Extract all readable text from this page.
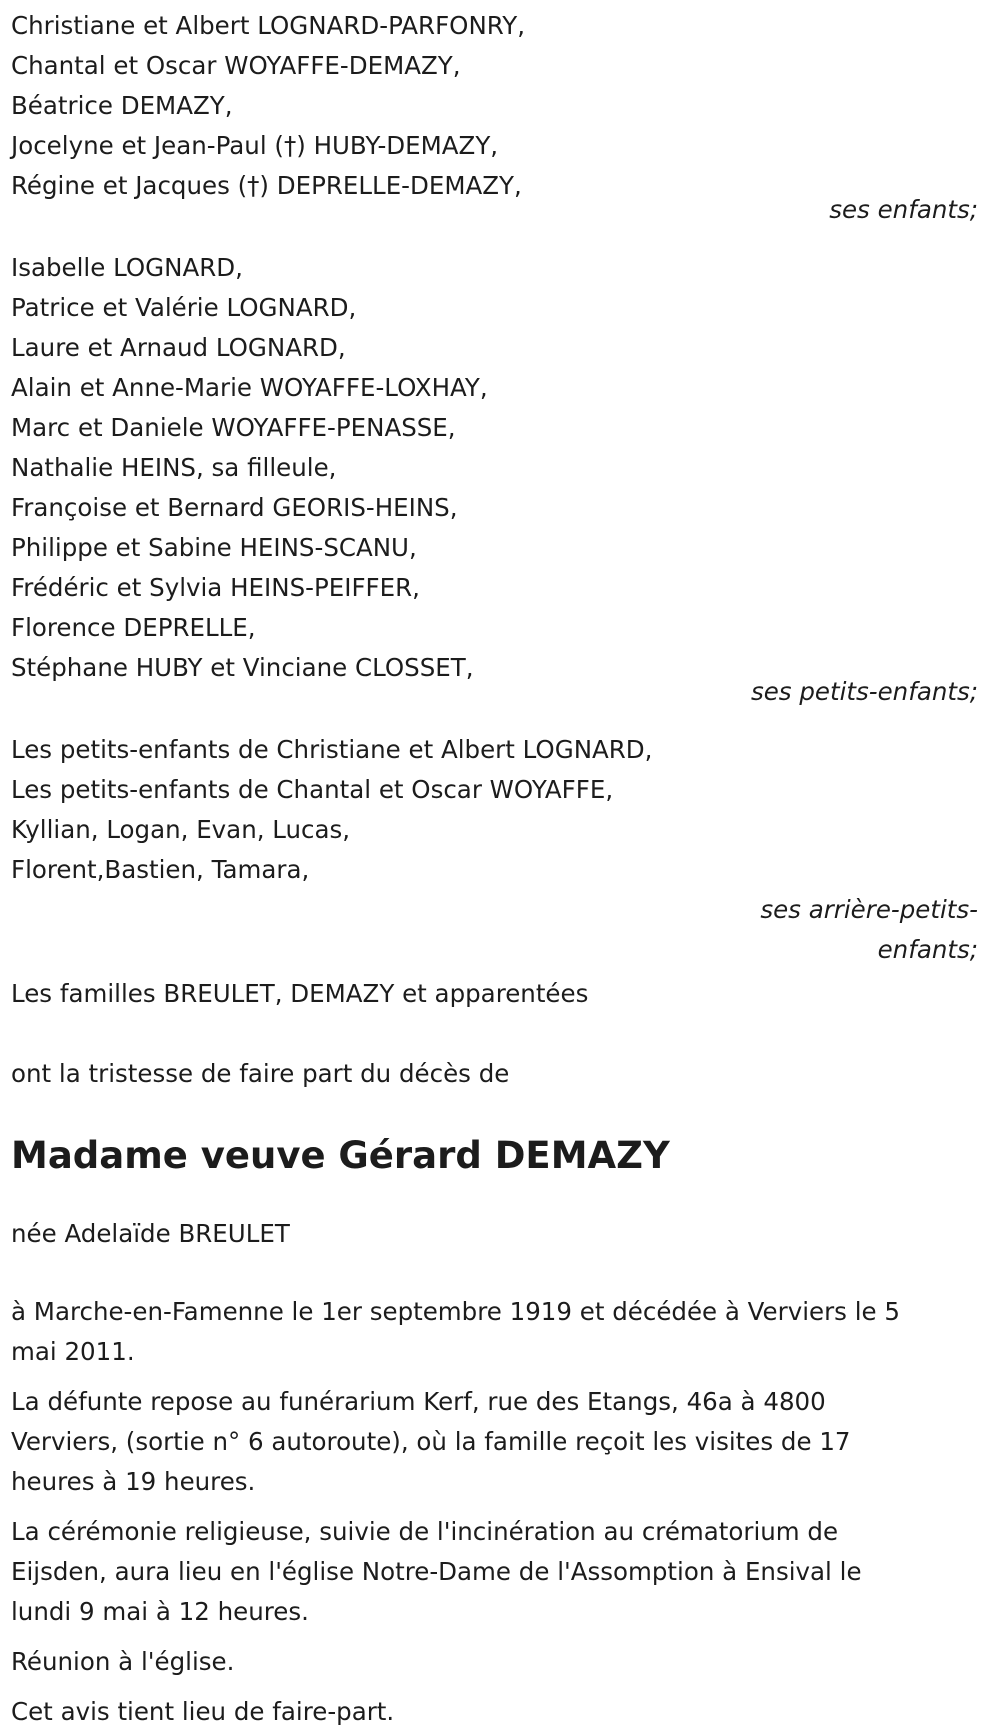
Christiane et Albert LOGNARD-PARFONRY,
Chantal et Oscar WOYAFFE-DEMAZY,
Béatrice DEMAZY,
Jocelyne et Jean-Paul (†) HUBY-DEMAZY,
Régine et Jacques (†) DEPRELLE-DEMAZY,
ses enfants;
Isabelle LOGNARD,
Patrice et Valérie LOGNARD,
Laure et Arnaud LOGNARD,
Alain et Anne-Marie WOYAFFE-LOXHAY,
Marc et Daniele WOYAFFE-PENASSE,
Nathalie HEINS, sa filleule,
Françoise et Bernard GEORIS-HEINS,
Philippe et Sabine HEINS-SCANU,
Frédéric et Sylvia HEINS-PEIFFER,
Florence DEPRELLE,
Stéphane HUBY et Vinciane CLOSSET,
ses petits-enfants;
Les petits-enfants de Christiane et Albert LOGNARD,
Les petits-enfants de Chantal et Oscar WOYAFFE,
Kyllian, Logan, Evan, Lucas,
Florent,Bastien, Tamara,
ses arrière-petits-
enfants;
Les familles BREULET, DEMAZY et apparentées
ont la tristesse de faire part du décès de
Madame veuve Gérard DEMAZY
née Adelaïde BREULET
à Marche-en-Famenne le 1er septembre 1919 et décédée à Verviers le 5
mai 2011.
La défunte repose au funérarium Kerf, rue des Etangs, 46a à 4800
Verviers, (sortie n° 6 autoroute), où la famille reçoit les visites de 17
heures à 19 heures.
La cérémonie religieuse, suivie de l'incinération au crématorium de
Eijsden, aura lieu en l'église Notre-Dame de l'Assomption à Ensival le
lundi 9 mai à 12 heures.
Réunion à l'église.
Cet avis tient lieu de faire-part.
